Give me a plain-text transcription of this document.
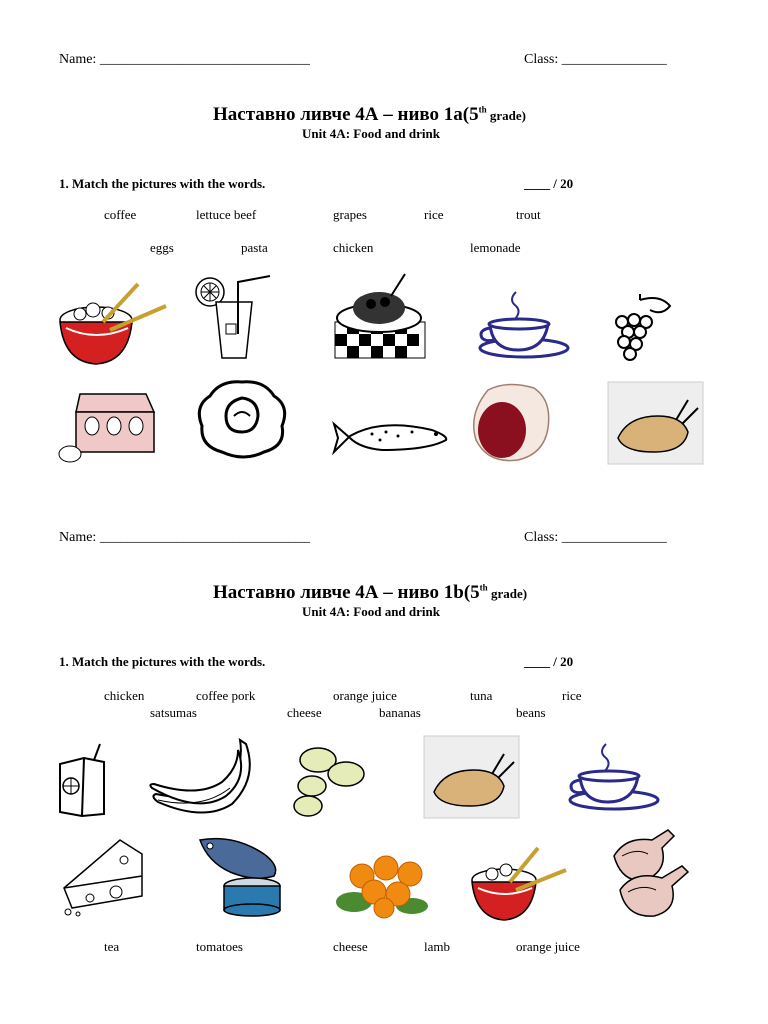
Name: ______________________________	Class: _______________
Наставно ливче 4А – ниво 1а(5th grade)
Unit 4A: Food and drink
1. Match the pictures with the words.	____ / 20
coffee	lettuce beef	grapes	rice	trout
eggs	pasta	chicken	lemonade
Name: ______________________________	Class: _______________
Наставно ливче 4А – ниво 1b(5th grade)
Unit 4A: Food and drink
1. Match the pictures with the words.	____ / 20
chicken	coffee pork	orange juice	tuna	rice
satsumas	cheese	bananas	beans
tea	tomatoes	cheese	lamb	orange juice
